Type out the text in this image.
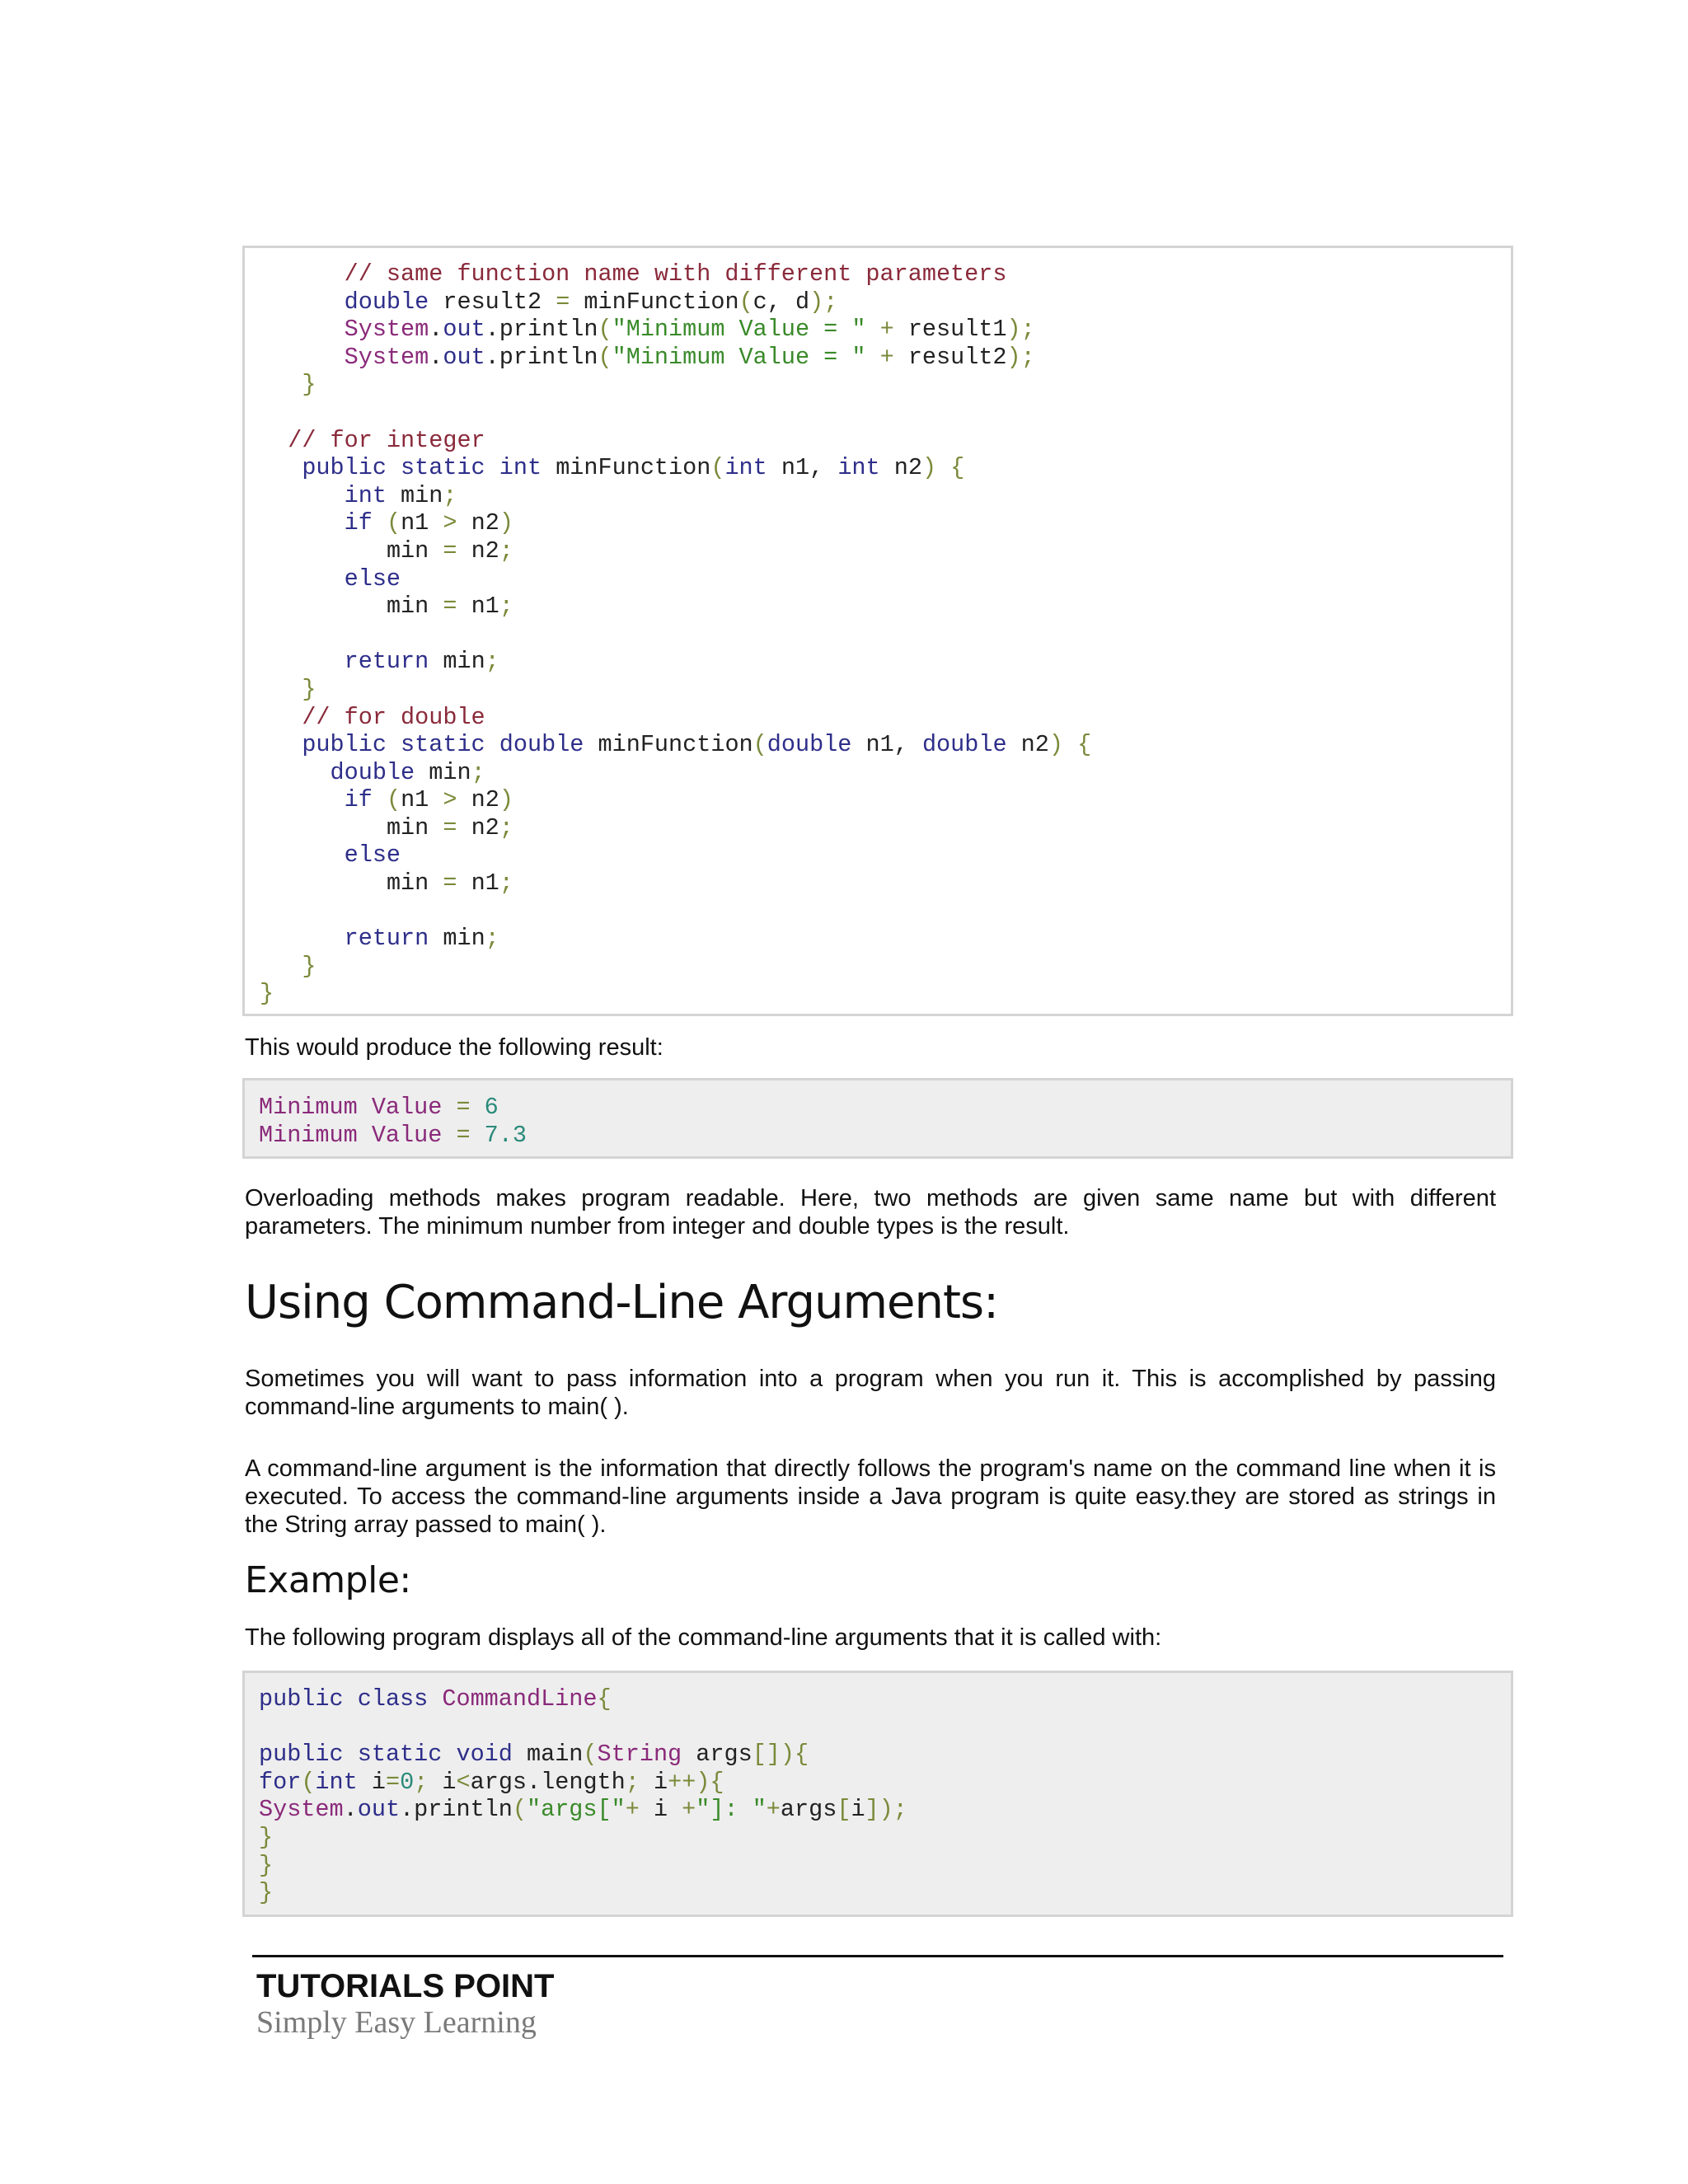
// same function name with different parameters
double result2 = minFunction(c, d);
System.out.println("Minimum Value = " + result1);
System.out.println("Minimum Value = " + result2);
}

// for integer
public static int minFunction(int n1, int n2) {
int min;
if (n1 > n2)
min = n2;
else
min = n1;

return min;
}
// for double
public static double minFunction(double n1, double n2) {
double min;
if (n1 > n2)
min = n2;
else
min = n1;

return min;
}
}

This would produce the following result:

Minimum Value = 6
Minimum Value = 7.3

Overloading methods makes program readable. Here, two methods are given same name but with different parameters. The minimum number from integer and double types is the result.

Using Command-Line Arguments:

Sometimes you will want to pass information into a program when you run it. This is accomplished by passing command-line arguments to main( ).

A command-line argument is the information that directly follows the program's name on the command line when it is executed. To access the command-line arguments inside a Java program is quite easy.they are stored as strings in the String array passed to main( ).

Example:

The following program displays all of the command-line arguments that it is called with:

public class CommandLine{

public static void main(String args[]){
for(int i=0; i<args.length; i++){
System.out.println("args["+ i +"]: "+args[i]);
}
}
}
TUTORIALS POINT
Simply Easy Learning
